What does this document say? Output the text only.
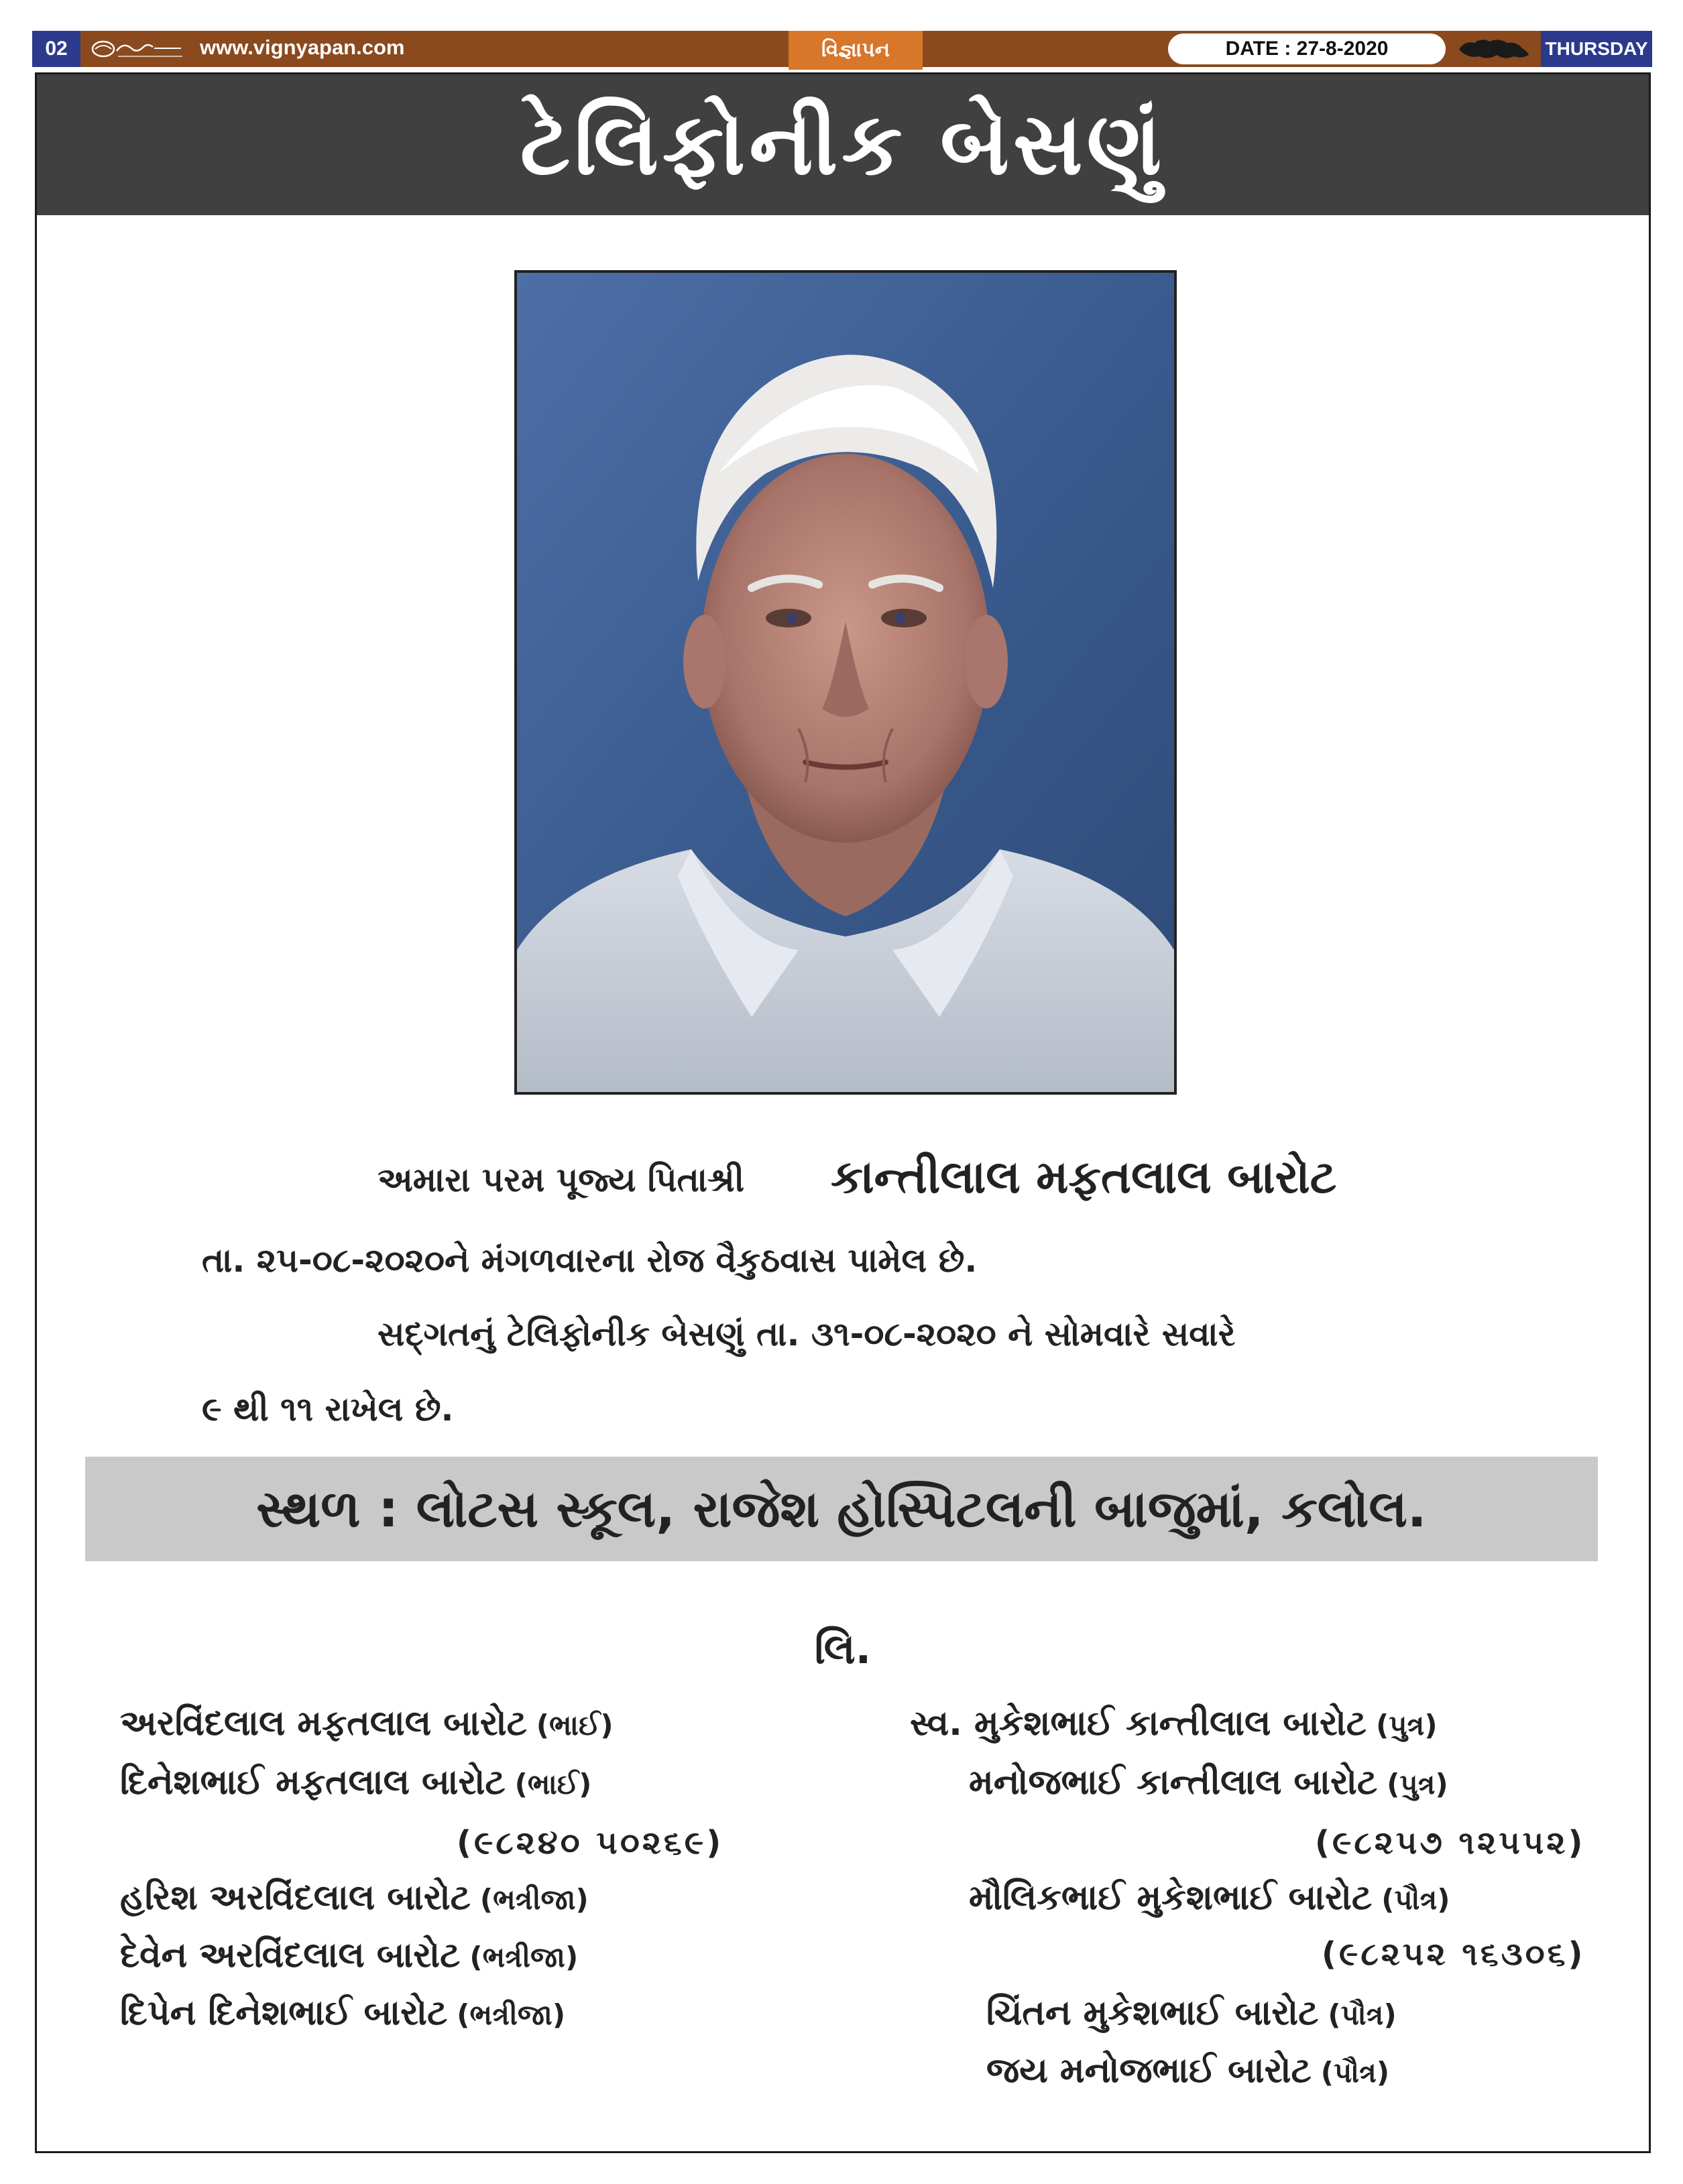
02	www.vignyapan.com	વિજ્ઞાપન	DATE : 27-8-2020	THURSDAY
ટેલિફોનીક બેસણું
અમારા પરમ પૂજ્ય પિતાશ્રી કાન્તીલાલ મફતલાલ બારોટ
તા. ૨૫-૦૮-૨૦૨૦ને મંગળવારના રોજ વૈકુઠવાસ પામેલ છે.
સદ્‌ગતનું ટેલિફોનીક બેસણું તા. ૩૧-૦૮-૨૦૨૦ ને સોમવારે સવારે
૯ થી ૧૧ રાખેલ છે.
સ્થળ : લોટસ સ્કૂલ, રાજેશ હોસ્પિટલની બાજુમાં, કલોલ.
લિ.
અરવિંદલાલ મફતલાલ બારોટ (ભાઈ)
દિનેશભાઈ મફતલાલ બારોટ (ભાઈ)
(૯૮૨૪૦ ૫૦૨૬૯)
હરિશ અરવિંદલાલ બારોટ (ભત્રીજા)
દેવેન અરવિંદલાલ બારોટ (ભત્રીજા)
દિપેન દિનેશભાઈ બારોટ (ભત્રીજા)
સ્વ. મુકેશભાઈ કાન્તીલાલ બારોટ (પુત્ર)
મનોજભાઈ કાન્તીલાલ બારોટ (પુત્ર)
(૯૮૨૫૭ ૧૨૫૫૨)
મૌલિકભાઈ મુકેશભાઈ બારોટ (પૌત્ર)
(૯૮૨૫૨ ૧૬૩૦૬)
ચિંતન મુકેશભાઈ બારોટ (પૌત્ર)
જય મનોજભાઈ બારોટ (પૌત્ર)
